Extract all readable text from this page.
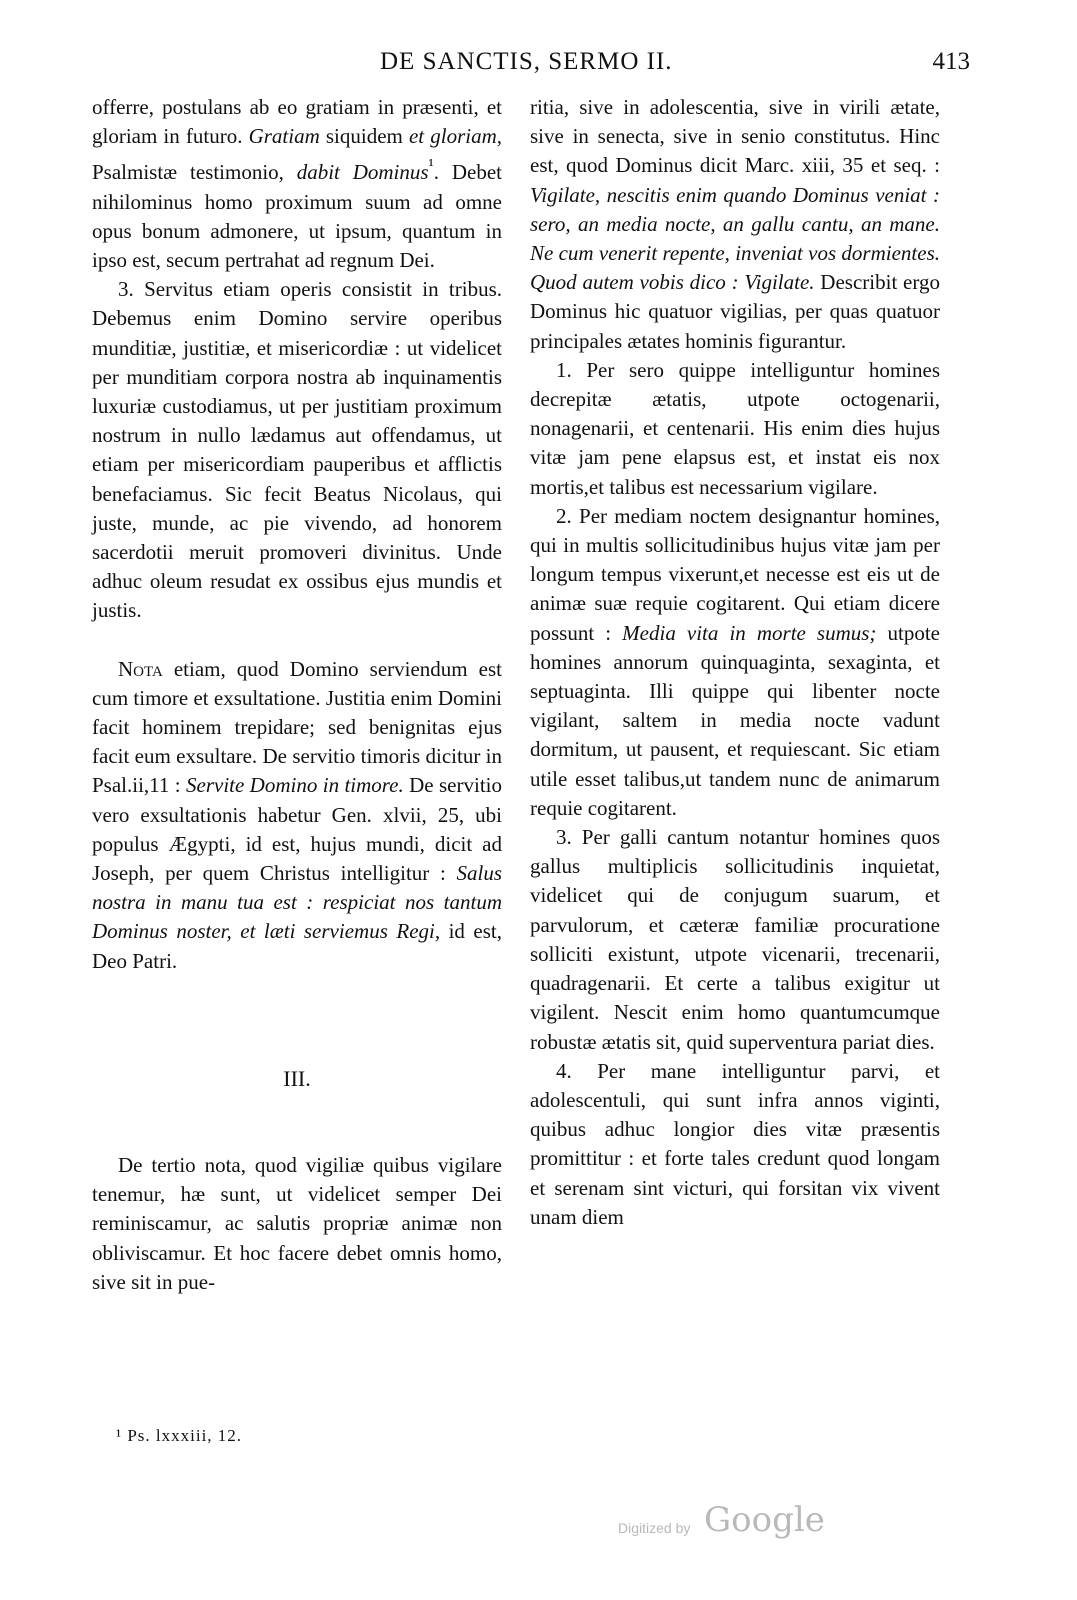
DE SANCTIS, SERMO II.	413

offerre, postulans ab eo gratiam in præsenti, et gloriam in futuro. Gratiam siquidem et gloriam, Psalmistæ testimonio, dabit Dominus$^{^1}$. Debet nihilominus homo proximum suum ad omne opus bonum admonere, ut ipsum, quantum in ipso est, secum pertrahat ad regnum Dei.

3. Servitus etiam operis consistit in tribus. Debemus enim Domino servire operibus munditiæ, justitiæ, et misericordiæ : ut videlicet per munditiam corpora nostra ab inquinamentis luxuriæ custodiamus, ut per justitiam proximum nostrum in nullo lædamus aut offendamus, ut etiam per misericordiam pauperibus et afflictis benefaciamus. Sic fecit Beatus Nicolaus, qui juste, munde, ac pie vivendo, ad honorem sacerdotii meruit promoveri divinitus. Unde adhuc oleum resudat ex ossibus ejus mundis et justis.

Nota etiam, quod Domino serviendum est cum timore et exsultatione. Justitia enim Domini facit hominem trepidare; sed benignitas ejus facit eum exsultare. De servitio timoris dicitur in Psal.ii,11 : Servite Domino in timore. De servitio vero exsultationis habetur Gen. xlvii, 25, ubi populus Ægypti, id est, hujus mundi, dicit ad Joseph, per quem Christus intelligitur : Salus nostra in manu tua est : respiciat nos tantum Dominus noster, et læti serviemus Regi, id est, Deo Patri.

III.

De tertio nota, quod vigiliæ quibus vigilare tenemur, hæ sunt, ut videlicet semper Dei reminiscamur, ac salutis propriæ animæ non obliviscamur. Et hoc facere debet omnis homo, sive sit in pue-

ritia, sive in adolescentia, sive in virili ætate, sive in senecta, sive in senio constitutus. Hinc est, quod Dominus dicit Marc. xiii, 35 et seq. : Vigilate, nescitis enim quando Dominus veniat : sero, an media nocte, an gallu cantu, an mane. Ne cum venerit repente, inveniat vos dormientes. Quod autem vobis dico : Vigilate. Describit ergo Dominus hic quatuor vigilias, per quas quatuor principales ætates hominis figurantur.

1. Per sero quippe intelliguntur homines decrepitæ ætatis, utpote octogenarii, nonagenarii, et centenarii. His enim dies hujus vitæ jam pene elapsus est, et instat eis nox mortis,et talibus est necessarium vigilare.

2. Per mediam noctem designantur homines, qui in multis sollicitudinibus hujus vitæ jam per longum tempus vixerunt,et necesse est eis ut de animæ suæ requie cogitarent. Qui etiam dicere possunt : Media vita in morte sumus; utpote homines annorum quinquaginta, sexaginta, et septuaginta. Illi quippe qui libenter nocte vigilant, saltem in media nocte vadunt dormitum, ut pausent, et requiescant. Sic etiam utile esset talibus,ut tandem nunc de animarum requie cogitarent.

3. Per galli cantum notantur homines quos gallus multiplicis sollicitudinis inquietat, videlicet qui de conjugum suarum, et parvulorum, et cæteræ familiæ procuratione solliciti existunt, utpote vicenarii, trecenarii, quadragenarii. Et certe a talibus exigitur ut vigilent. Nescit enim homo quantumcumque robustæ ætatis sit, quid superventura pariat dies.

4. Per mane intelliguntur parvi, et adolescentuli, qui sunt infra annos viginti, quibus adhuc longior dies vitæ præsentis promittitur : et forte tales credunt quod longam et serenam sint victuri, qui forsitan vix vivent unam diem

¹ Ps. lxxxiii, 12.
Digitized by Google
